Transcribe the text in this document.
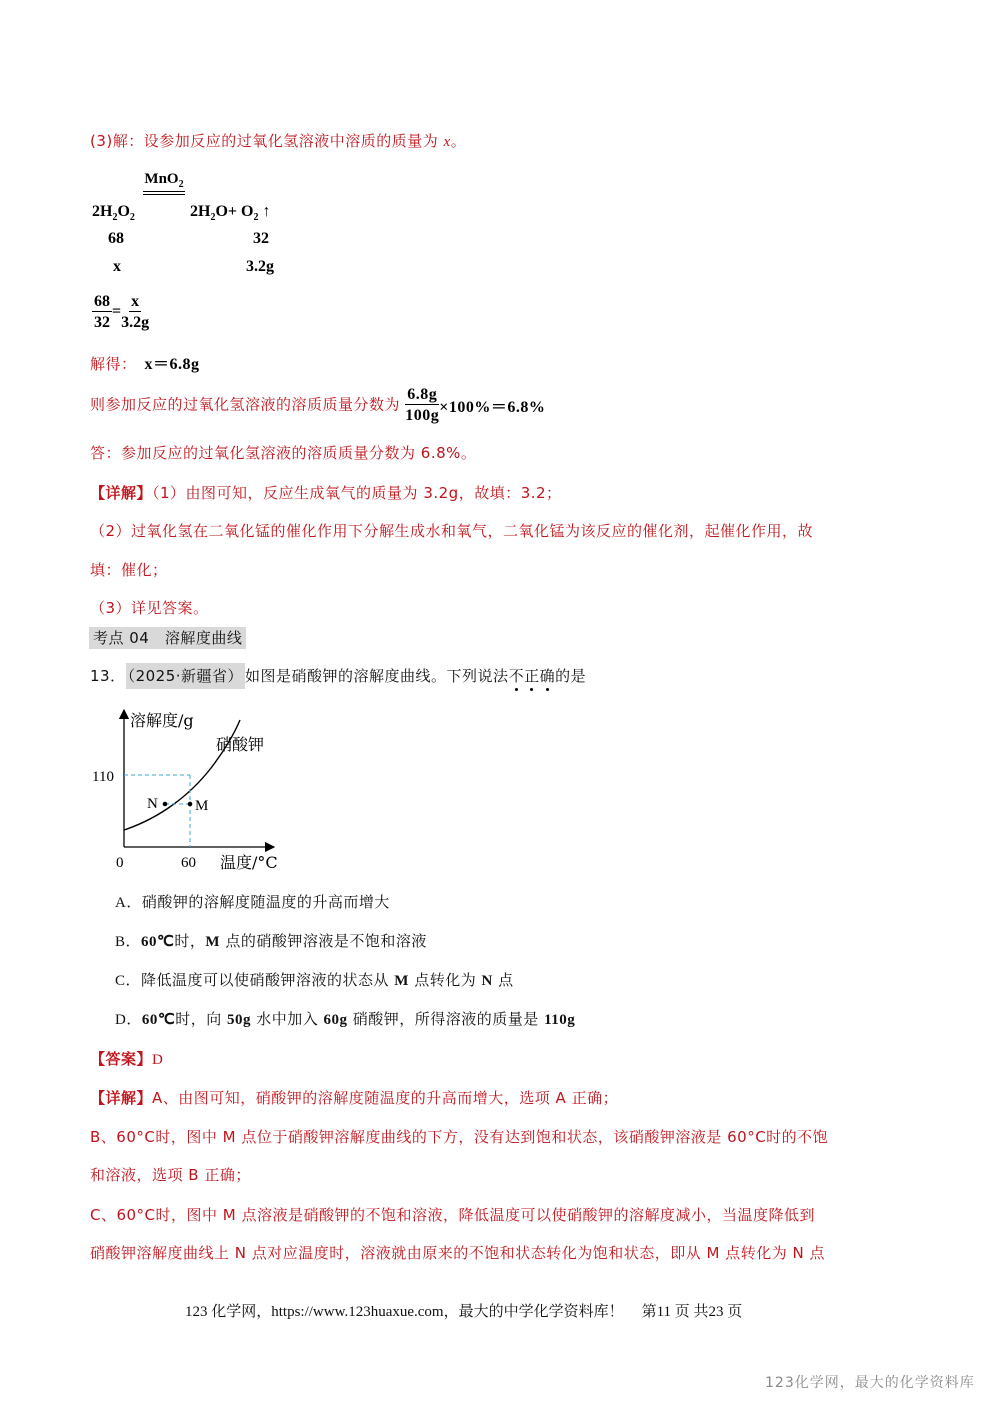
(3)解：设参加反应的过氧化氢溶液中溶质的质量为 x。
MnO$_2$
$2H_2O_2$	$2H_2O+ O_2$ ↑
68	32
x	3.2g
$\frac{68}{32} = \frac{x}{3.2g}$
解得： x＝6.8g
则参加反应的过氧化氢溶液的溶质质量分数为 $\frac{6.8g}{100g} \times 100\%=6.8\%$
答：参加反应的过氧化氢溶液的溶质质量分数为 6.8%。
【详解】（1）由图可知，反应生成氧气的质量为 3.2g，故填：3.2；
（2）过氧化氢在二氧化锰的催化作用下分解生成水和氧气，二氧化锰为该反应的催化剂，起催化作用，故
填：催化；
（3）详见答案。
考点 04　溶解度曲线
13． （2025·新疆省） 如图是硝酸钾的溶解度曲线。下列说法不正确的是
溶解度/g
硝酸钾
110
N M
0	60 温度/°C
A．硝酸钾的溶解度随温度的升高而增大
B．60℃时，M 点的硝酸钾溶液是不饱和溶液
C．降低温度可以使硝酸钾溶液的状态从 M 点转化为 N 点
D．60℃时，向 50g 水中加入 60g 硝酸钾，所得溶液的质量是 110g
【答案】D
【详解】A、由图可知，硝酸钾的溶解度随温度的升高而增大，选项 A 正确；
B、60°C时，图中 M 点位于硝酸钾溶解度曲线的下方，没有达到饱和状态，该硝酸钾溶液是 60°C时的不饱
和溶液，选项 B 正确；
C、60°C时，图中 M 点溶液是硝酸钾的不饱和溶液，降低温度可以使硝酸钾的溶解度减小，当温度降低到
硝酸钾溶解度曲线上 N 点对应温度时，溶液就由原来的不饱和状态转化为饱和状态，即从 M 点转化为 N 点
123 化学网，https://www.123huaxue.com，最大的中学化学资料库！ 第11 页 共23 页
123化学网，最大的化学资料库
